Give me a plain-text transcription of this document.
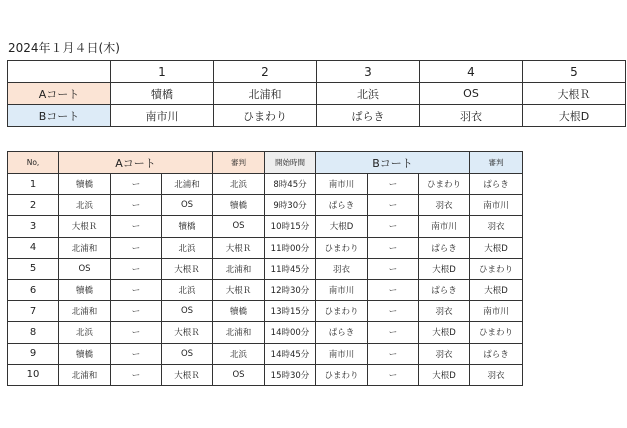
2024年１月４日(木)
	1	2	3	4	5
Aコート	犢橋	北浦和	北浜	OS	大根Ｒ
Bコート	南市川	ひまわり	ぱらき	羽衣	大根D
No,	Aコート			審判	開始時間	Bコート			審判
1	犢橋	ー	北浦和	北浜	8時45分	南市川	ー	ひまわり	ぱらき
2	北浜	ー	OS	犢橋	9時30分	ぱらき	ー	羽衣	南市川
3	大根Ｒ	ー	犢橋	OS	10時15分	大根D	ー	南市川	羽衣
4	北浦和	ー	北浜	大根Ｒ	11時00分	ひまわり	ー	ぱらき	大根D
5	OS	ー	大根Ｒ	北浦和	11時45分	羽衣	ー	大根D	ひまわり
6	犢橋	ー	北浜	大根Ｒ	12時30分	南市川	ー	ぱらき	大根D
7	北浦和	ー	OS	犢橋	13時15分	ひまわり	ー	羽衣	南市川
8	北浜	ー	大根Ｒ	北浦和	14時00分	ぱらき	ー	大根D	ひまわり
9	犢橋	ー	OS	北浜	14時45分	南市川	ー	羽衣	ぱらき
10	北浦和	ー	大根Ｒ	OS	15時30分	ひまわり	ー	大根D	羽衣
